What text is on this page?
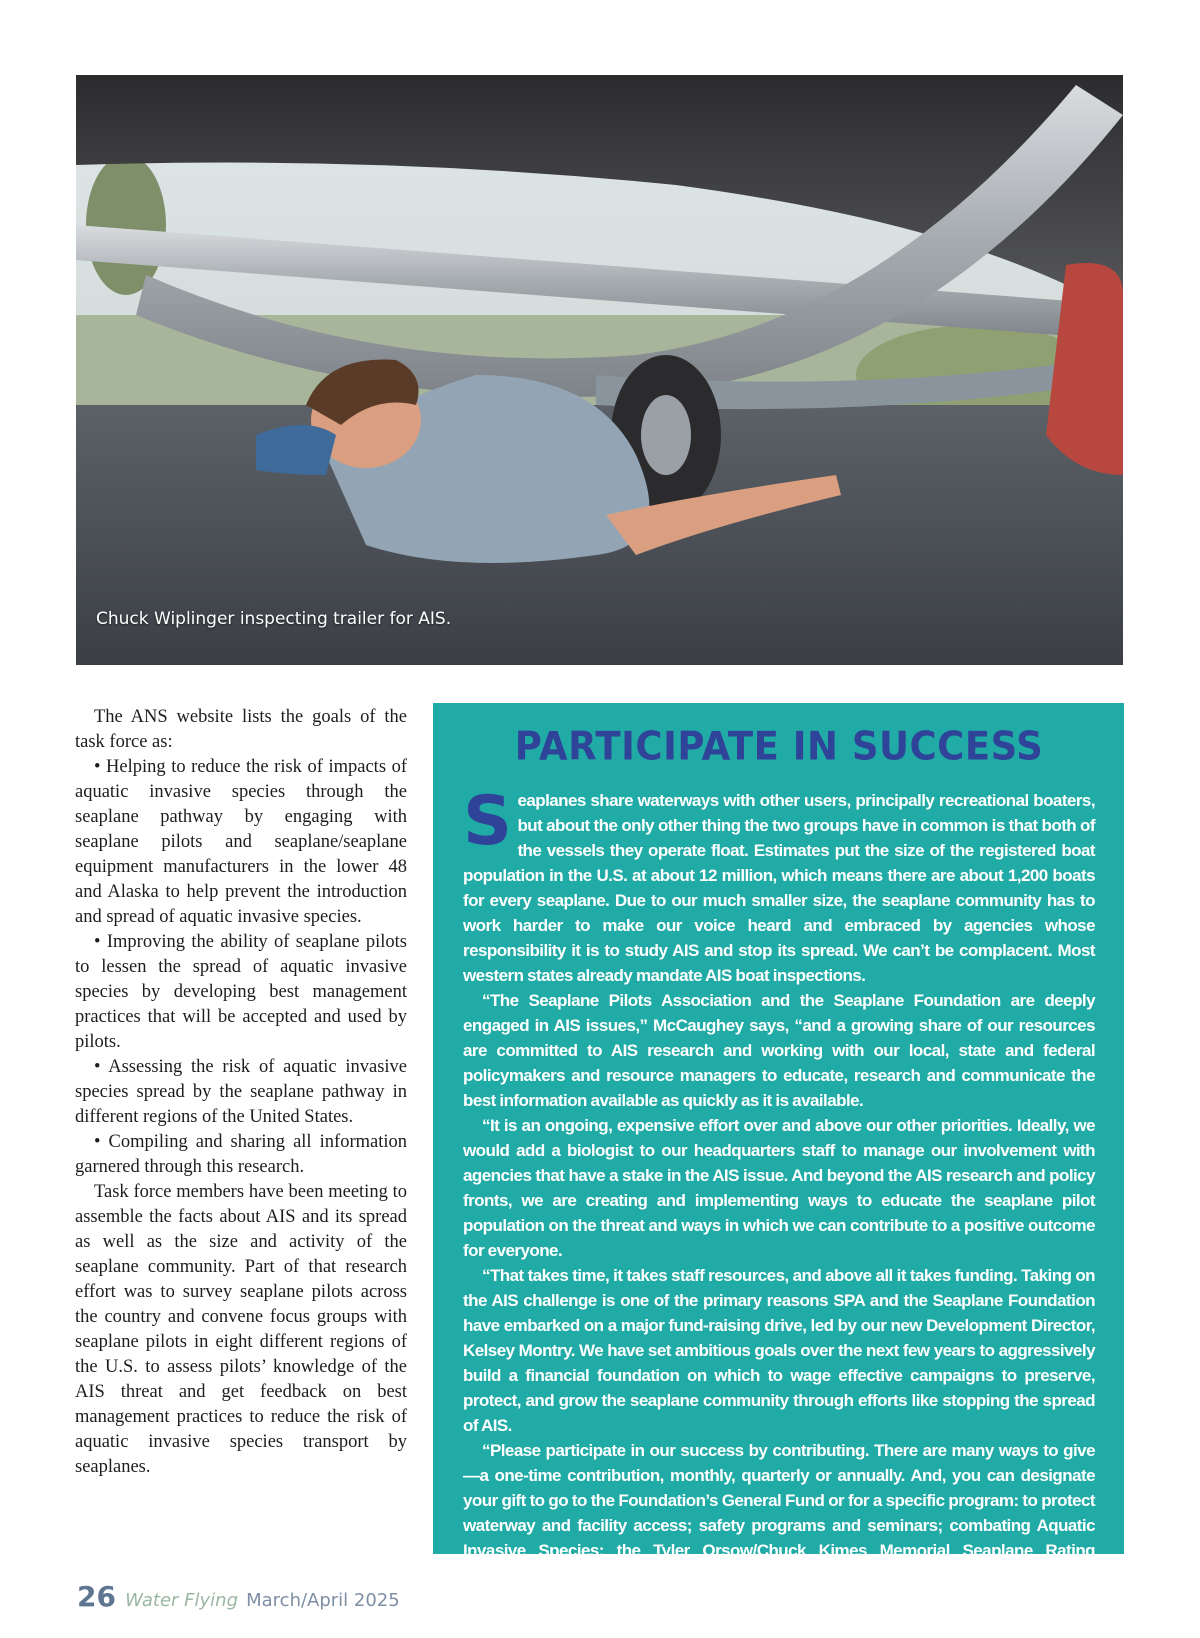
Chuck Wiplinger inspecting trailer for AIS.

The ANS website lists the goals of the task force as:

• Helping to reduce the risk of impacts of aquatic invasive species through the seaplane pathway by engaging with seaplane pilots and seaplane/seaplane equipment manufacturers in the lower 48 and Alaska to help prevent the introduction and spread of aquatic invasive species.

• Improving the ability of seaplane pilots to lessen the spread of aquatic invasive species by developing best management practices that will be accepted and used by pilots.

• Assessing the risk of aquatic invasive species spread by the seaplane pathway in different regions of the United States.

• Compiling and sharing all information garnered through this research.

Task force members have been meeting to assemble the facts about AIS and its spread as well as the size and activity of the seaplane community. Part of that research effort was to survey seaplane pilots across the country and convene focus groups with seaplane pilots in eight different regions of the U.S. to assess pilots’ knowledge of the AIS threat and get feedback on best management practices to reduce the risk of aquatic invasive species transport by seaplanes.

PARTICIPATE IN SUCCESS

Seaplanes share waterways with other users, principally recreational boaters, but about the only other thing the two groups have in common is that both of the vessels they operate float. Estimates put the size of the registered boat population in the U.S. at about 12 million, which means there are about 1,200 boats for every seaplane. Due to our much smaller size, the seaplane community has to work harder to make our voice heard and embraced by agencies whose responsibility it is to study AIS and stop its spread. We can’t be complacent. Most western states already mandate AIS boat inspections.

“The Seaplane Pilots Association and the Seaplane Foundation are deeply engaged in AIS issues,” McCaughey says, “and a growing share of our resources are committed to AIS research and working with our local, state and federal policymakers and resource managers to educate, research and communicate the best information available as quickly as it is available.

“It is an ongoing, expensive effort over and above our other priorities. Ideally, we would add a biologist to our headquarters staff to manage our involvement with agencies that have a stake in the AIS issue. And beyond the AIS research and policy fronts, we are creating and implementing ways to educate the seaplane pilot population on the threat and ways in which we can contribute to a positive outcome for everyone.

“That takes time, it takes staff resources, and above all it takes funding. Taking on the AIS challenge is one of the primary reasons SPA and the Seaplane Foundation have embarked on a major fund-raising drive, led by our new Development Director, Kelsey Montry. We have set ambitious goals over the next few years to aggressively build a financial foundation on which to wage effective campaigns to preserve, protect, and grow the seaplane community through efforts like stopping the spread of AIS.

“Please participate in our success by contributing. There are many ways to give—a one-time contribution, monthly, quarterly or annually. And, you can designate your gift to go to the Foundation’s General Fund or for a specific program: to protect waterway and facility access; safety programs and seminars; combating Aquatic Invasive Species; the Tyler Orsow/Chuck Kimes Memorial Seaplane Rating Scholarship; the Women Making a Splash Seaplane Rating Scholarship; the Newport, Maine, Seaplane Base; and the Captain’s Society.”

For more information, please go to www.seaplanefoundation.org/donate/.

26 Water Flying March/April 2025
